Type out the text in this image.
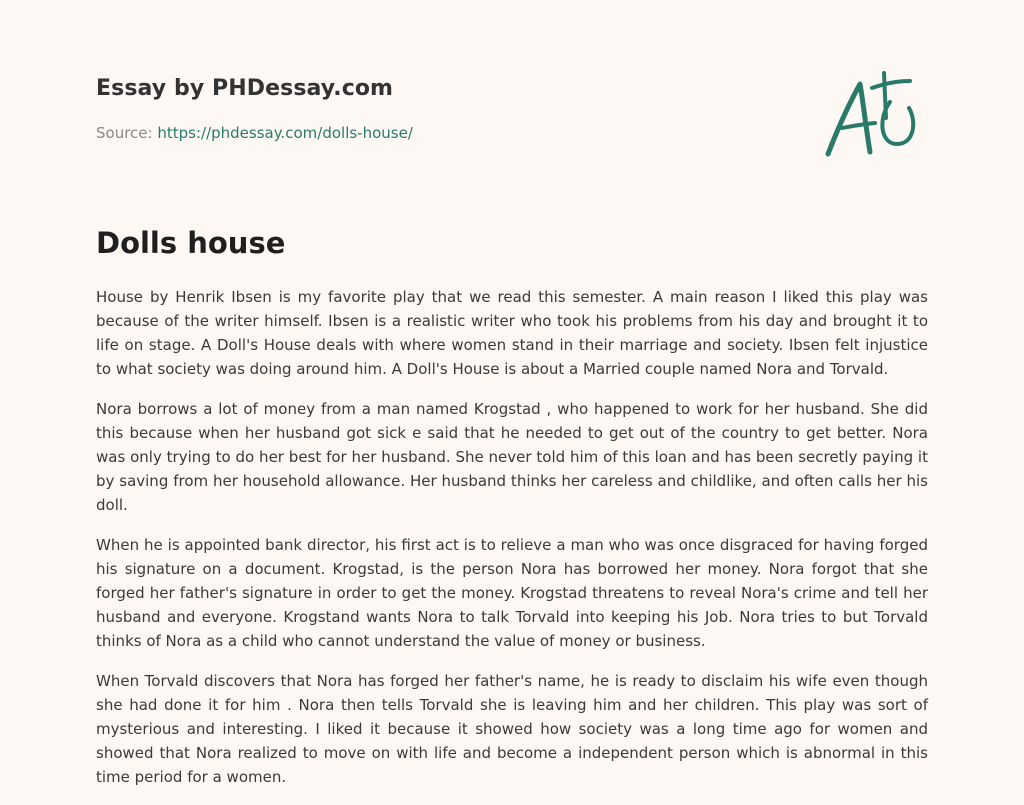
Essay by PHDessay.com
Source: https://phdessay.com/dolls-house/
Dolls house

House by Henrik Ibsen is my favorite play that we read this semester. A main reason I liked this play was because of the writer himself. Ibsen is a realistic writer who took his problems from his day and brought it to life on stage. A Doll's House deals with where women stand in their marriage and society. Ibsen felt injustice to what society was doing around him. A Doll's House is about a Married couple named Nora and Torvald.

Nora borrows a lot of money from a man named Krogstad , who happened to work for her husband. She did this because when her husband got sick e said that he needed to get out of the country to get better. Nora was only trying to do her best for her husband. She never told him of this loan and has been secretly paying it by saving from her household allowance. Her husband thinks her careless and childlike, and often calls her his doll.

When he is appointed bank director, his first act is to relieve a man who was once disgraced for having forged his signature on a document. Krogstad, is the person Nora has borrowed her money. Nora forgot that she forged her father's signature in order to get the money. Krogstad threatens to reveal Nora's crime and tell her husband and everyone. Krogstand wants Nora to talk Torvald into keeping his Job. Nora tries to but Torvald thinks of Nora as a child who cannot understand the value of money or business.

When Torvald discovers that Nora has forged her father's name, he is ready to disclaim his wife even though she had done it for him . Nora then tells Torvald she is leaving him and her children. This play was sort of mysterious and interesting. I liked it because it showed how society was a long time ago for women and showed that Nora realized to move on with life and become a independent person which is abnormal in this time period for a women.
